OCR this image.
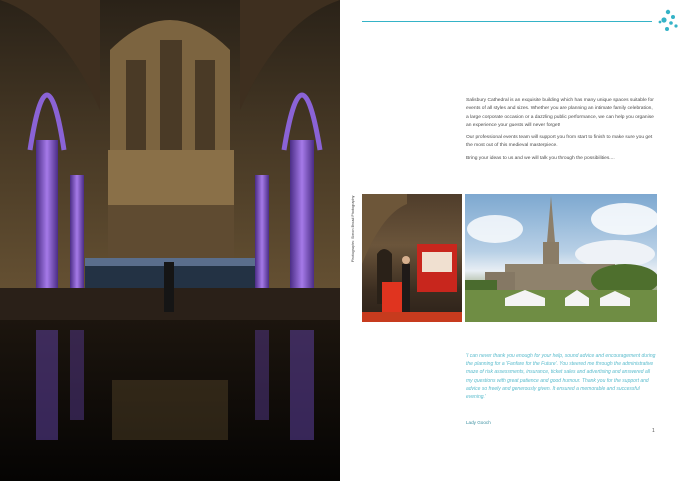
Photographs: Simon Broad Photography

Salisbury Cathedral is an exquisite building which has many unique spaces suitable for events of all styles and sizes. Whether you are planning an intimate family celebration, a large corporate occasion or a dazzling public performance, we can help you organise an experience your guests will never forget!

Our professional events team will support you from start to finish to make sure you get the most out of this medieval masterpiece.

Bring your ideas to us and we will talk you through the possibilities....

'I can never thank you enough for your help, sound advice and encouragement during the planning for a 'Fanfare for the Future'. You steered me through the administrative maze of risk assessments, insurance, ticket sales and advertising and answered all my questions with great patience and good humour. Thank you for the support and advice so freely and generously given. It ensured a memorable and successful evening.'
Lady Gooch
1
